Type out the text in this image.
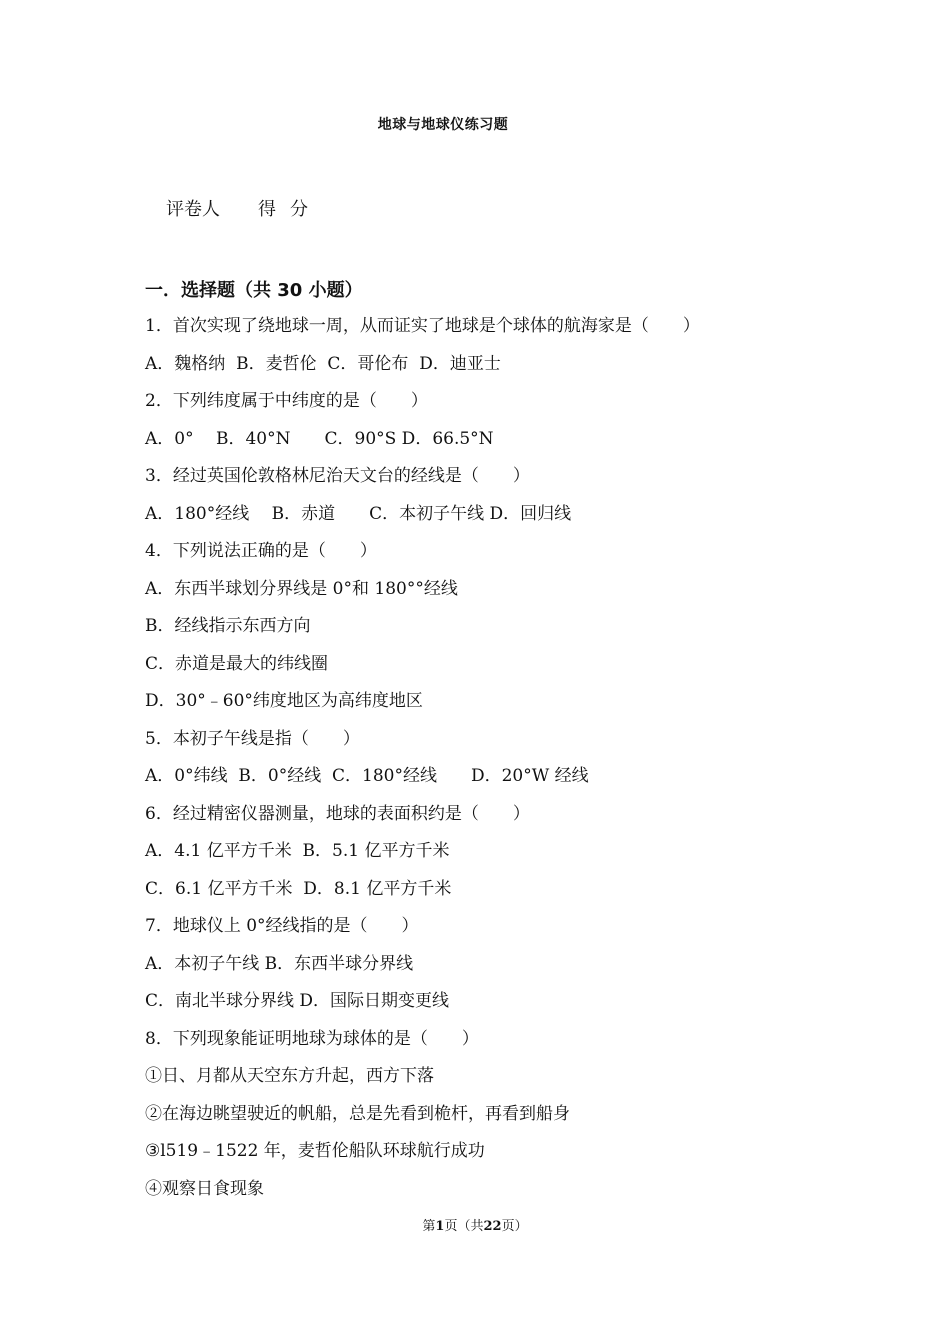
地球与地球仪练习题
评卷人 得分
一．选择题（共 30 小题）
1．首次实现了绕地球一周，从而证实了地球是个球体的航海家是（　　）
A．魏格纳  B．麦哲伦  C．哥伦布  D．迪亚士
2．下列纬度属于中纬度的是（　　）
A．0°　 B．40°N　　C．90°S D．66.5°N
3．经过英国伦敦格林尼治天文台的经线是（　　）
A．180°经线　 B．赤道　　C．本初子午线 D．回归线
4．下列说法正确的是（　　）
A．东西半球划分界线是 0°和 180°°经线
B．经线指示东西方向
C．赤道是最大的纬线圈
D．30°﹣60°纬度地区为高纬度地区
5．本初子午线是指（　　）
A．0°纬线  B．0°经线  C．180°经线　　D．20°W 经线
6．经过精密仪器测量，地球的表面积约是（　　）
A．4.1 亿平方千米  B．5.1 亿平方千米
C．6.1 亿平方千米  D．8.1 亿平方千米
7．地球仪上 0°经线指的是（　　）
A．本初子午线 B．东西半球分界线
C．南北半球分界线 D．国际日期变更线
8．下列现象能证明地球为球体的是（　　）
①日、月都从天空东方升起，西方下落
②在海边眺望驶近的帆船，总是先看到桅杆，再看到船身
③l519﹣1522 年，麦哲伦船队环球航行成功
④观察日食现象
第1页（共22页）
